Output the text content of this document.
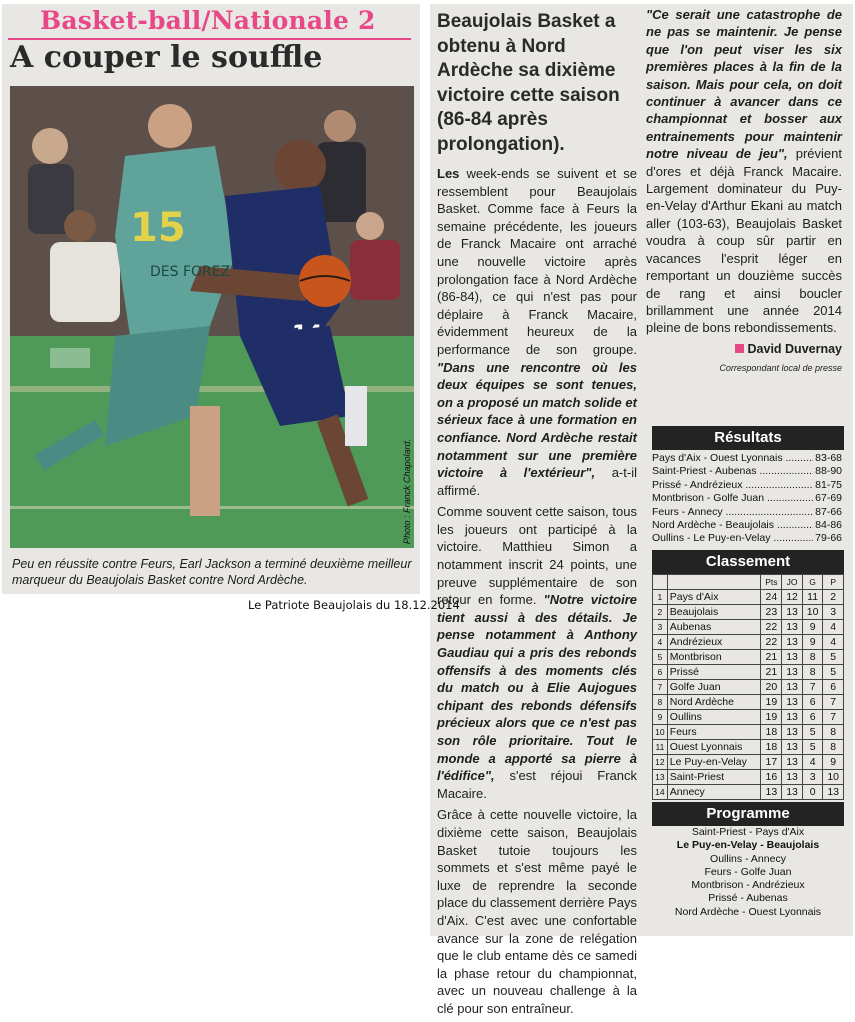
Basket-ball/Nationale 2
A couper le souffle
15
DES FOREZ
Photo : Franck Chapolard.
Peu en réussite contre Feurs, Earl Jackson a terminé deuxième meilleur marqueur du Beaujolais Basket contre Nord Ardèche.
Le Patriote Beaujolais du 18.12.2014
Beaujolais Basket a obtenu à Nord Ardèche sa dixième victoire cette saison (86-84 après prolongation).

Les week-ends se suivent et se ressemblent pour Beaujolais Basket. Comme face à Feurs la semaine précédente, les joueurs de Franck Macaire ont arraché une nouvelle victoire après prolongation face à Nord Ardèche (86-84), ce qui n'est pas pour déplaire à Franck Macaire, évidemment heureux de la performance de son groupe. "Dans une rencontre où les deux équipes se sont tenues, on a proposé un match solide et sérieux face à une formation en confiance. Nord Ardèche restait notamment sur une première victoire à l'extérieur", a-t-il affirmé.

Comme souvent cette saison, tous les joueurs ont participé à la victoire. Matthieu Simon a notamment inscrit 24 points, une preuve supplémentaire de son retour en forme. "Notre victoire tient aussi à des détails. Je pense notamment à Anthony Gaudiau qui a pris des rebonds offensifs à des moments clés du match ou à Elie Aujogues chipant des rebonds défensifs précieux alors que ce n'est pas son rôle prioritaire. Tout le monde a apporté sa pierre à l'édifice", s'est réjoui Franck Macaire.

Grâce à cette nouvelle victoire, la dixième cette saison, Beaujolais Basket tutoie toujours les sommets et s'est même payé le luxe de reprendre la seconde place du classement derrière Pays d'Aix. C'est avec une confortable avance sur la zone de relégation que le club entame dès ce samedi la phase retour du championnat, avec un nouveau challenge à la clé pour son entraîneur.

"Ce serait une catastrophe de ne pas se maintenir. Je pense que l'on peut viser les six premières places à la fin de la saison. Mais pour cela, on doit continuer à avancer dans ce championnat et bosser aux entrainements pour maintenir notre niveau de jeu", prévient d'ores et déjà Franck Macaire. Largement dominateur du Puy-en-Velay d'Arthur Ekani au match aller (103-63), Beaujolais Basket voudra à coup sûr partir en vacances l'esprit léger en remportant un douzième succès de rang et ainsi boucler brillamment une année 2014 pleine de bons rebondissements.

David Duvernay

Correspondant local de presse

Résultats
Pays d'Aix - Ouest Lyonnais .....	83-68
Saint-Priest - Aubenas .....	88-90
Prissé - Andrézieux .....	81-75
Montbrison - Golfe Juan .....	67-69
Feurs - Annecy .....	87-66
Nord Ardèche - Beaujolais .....	84-86
Oullins - Le Puy-en-Velay .....	79-66
Classement
		Pts	JO	G	P
1	Pays d'Aix	24	12	11	2
2	Beaujolais	23	13	10	3
3	Aubenas	22	13	9	4
4	Andrézieux	22	13	9	4
5	Montbrison	21	13	8	5
6	Prissé	21	13	8	5
7	Golfe Juan	20	13	7	6
8	Nord Ardèche	19	13	6	7
9	Oullins	19	13	6	7
10	Feurs	18	13	5	8
11	Ouest Lyonnais	18	13	5	8
12	Le Puy-en-Velay	17	13	4	9
13	Saint-Priest	16	13	3	10
14	Annecy	13	13	0	13
Programme
Saint-Priest - Pays d'Aix
Le Puy-en-Velay - Beaujolais
Oullins - Annecy
Feurs - Golfe Juan
Montbrison - Andrézieux
Prissé - Aubenas
Nord Ardèche - Ouest Lyonnais
